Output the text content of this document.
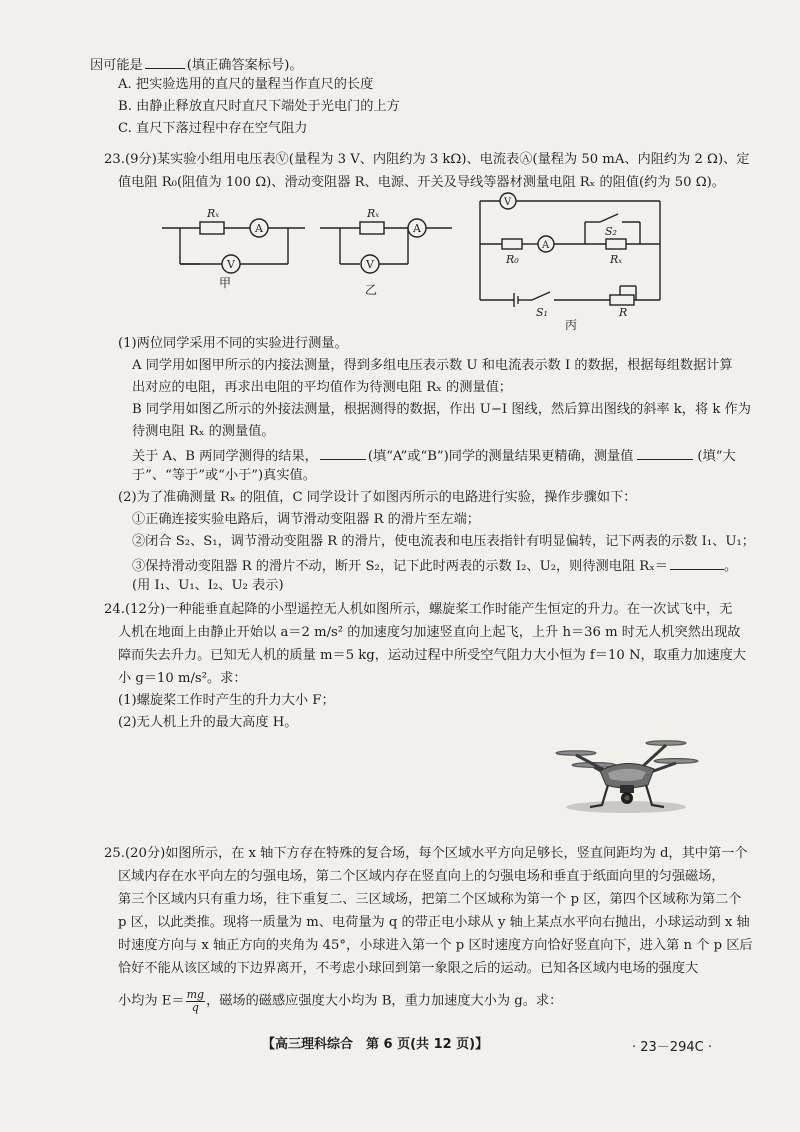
因可能是	(填正确答案标号)。
A. 把实验选用的直尺的量程当作直尺的长度
B. 由静止释放直尺时直尺下端处于光电门的上方
C. 直尺下落过程中存在空气阻力
23.(9分)某实验小组用电压表Ⓥ(量程为 3 V、内阻约为 3 kΩ)、电流表Ⓐ(量程为 50 mA、内阻约为 2 Ω)、定
值电阻 R₀(阻值为 100 Ω)、滑动变阻器 R、电源、开关及导线等器材测量电阻 Rₓ 的阻值(约为 50 Ω)。
Rₓ
A
V
甲
Rₓ
A
V
乙
V
A
R₀	Rₓ
S₂
S₁	R
丙
(1)两位同学采用不同的实验进行测量。
A 同学用如图甲所示的内接法测量，得到多组电压表示数 U 和电流表示数 I 的数据，根据每组数据计算
出对应的电阻，再求出电阻的平均值作为待测电阻 Rₓ 的测量值；
B 同学用如图乙所示的外接法测量，根据测得的数据，作出 U−I 图线，然后算出图线的斜率 k，将 k 作为
待测电阻 Rₓ 的测量值。
关于 A、B 两同学测得的结果，	(填“A”或“B”)同学的测量结果更精确，测量值	(填“大
于”、“等于”或“小于”)真实值。
(2)为了准确测量 Rₓ 的阻值，C 同学设计了如图丙所示的电路进行实验，操作步骤如下：
①正确连接实验电路后，调节滑动变阻器 R 的滑片至左端；
②闭合 S₂、S₁，调节滑动变阻器 R 的滑片，使电流表和电压表指针有明显偏转，记下两表的示数 I₁、U₁；
③保持滑动变阻器 R 的滑片不动，断开 S₂，记下此时两表的示数 I₂、U₂，则待测电阻 Rₓ＝	。
(用 I₁、U₁、I₂、U₂ 表示)
24.(12分)一种能垂直起降的小型遥控无人机如图所示，螺旋桨工作时能产生恒定的升力。在一次试飞中，无
人机在地面上由静止开始以 a＝2 m/s² 的加速度匀加速竖直向上起飞，上升 h＝36 m 时无人机突然出现故
障而失去升力。已知无人机的质量 m＝5 kg，运动过程中所受空气阻力大小恒为 f＝10 N，取重力加速度大
小 g＝10 m/s²。求：
(1)螺旋桨工作时产生的升力大小 F；
(2)无人机上升的最大高度 H。
25.(20分)如图所示，在 x 轴下方存在特殊的复合场，每个区域水平方向足够长，竖直间距均为 d，其中第一个
区域内存在水平向左的匀强电场，第二个区域内存在竖直向上的匀强电场和垂直于纸面向里的匀强磁场，
第三个区域内只有重力场，往下重复二、三区域场，把第二个区域称为第一个 p 区，第四个区域称为第二个
p 区，以此类推。现将一质量为 m、电荷量为 q 的带正电小球从 y 轴上某点水平向右抛出，小球运动到 x 轴
时速度方向与 x 轴正方向的夹角为 45°，小球进入第一个 p 区时速度方向恰好竖直向下，进入第 n 个 p 区后
恰好不能从该区域的下边界离开，不考虑小球回到第一象限之后的运动。已知各区域内电场的强度大
小均为 $E= \frac{mg}{q}$ ，磁场的磁感应强度大小均为 B，重力加速度大小为 g。求：
【高三理科综合　第 6 页(共 12 页)】	· 23－294C ·
